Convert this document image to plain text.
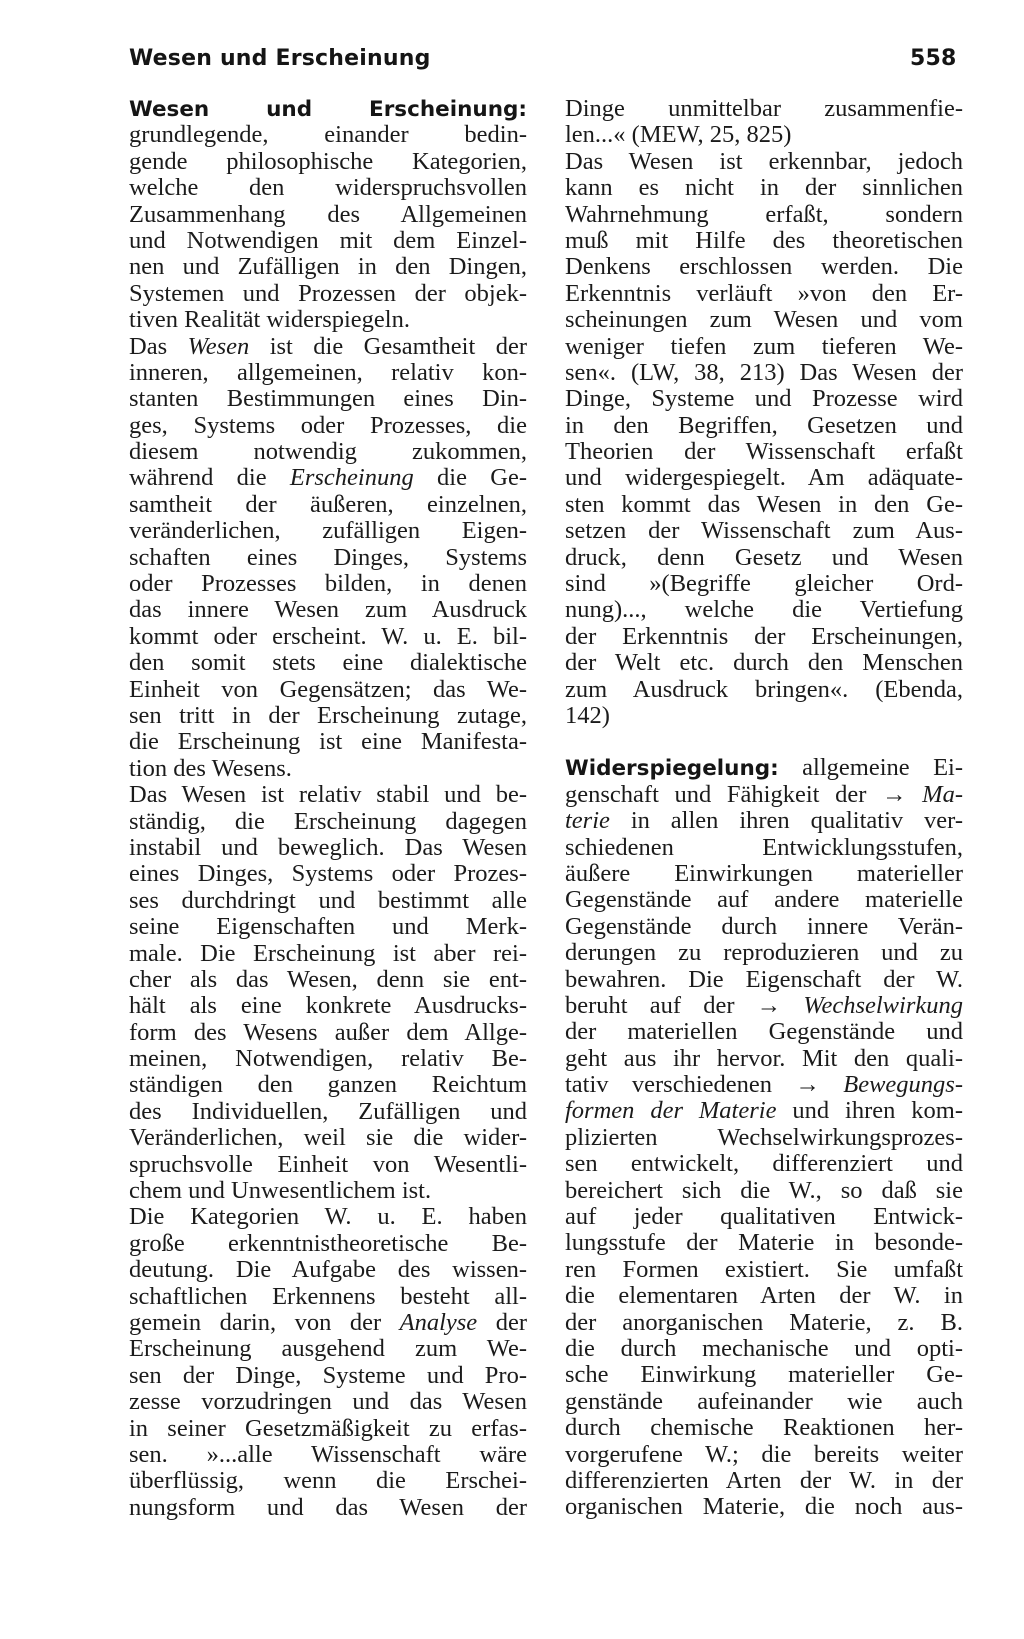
Wesen und Erscheinung	558
Wesen und Erscheinung:
grundlegende, einander bedin-
gende philosophische Kategorien,
welche den widerspruchsvollen
Zusammenhang des Allgemeinen
und Notwendigen mit dem Einzel-
nen und Zufälligen in den Dingen,
Systemen und Prozessen der objek-
tiven Realität widerspiegeln.
Das Wesen ist die Gesamtheit der
inneren, allgemeinen, relativ kon-
stanten Bestimmungen eines Din-
ges, Systems oder Prozesses, die
diesem notwendig zukommen,
während die Erscheinung die Ge-
samtheit der äußeren, einzelnen,
veränderlichen, zufälligen Eigen-
schaften eines Dinges, Systems
oder Prozesses bilden, in denen
das innere Wesen zum Ausdruck
kommt oder erscheint. W. u. E. bil-
den somit stets eine dialektische
Einheit von Gegensätzen; das We-
sen tritt in der Erscheinung zutage,
die Erscheinung ist eine Manifesta-
tion des Wesens.
Das Wesen ist relativ stabil und be-
ständig, die Erscheinung dagegen
instabil und beweglich. Das Wesen
eines Dinges, Systems oder Prozes-
ses durchdringt und bestimmt alle
seine Eigenschaften und Merk-
male. Die Erscheinung ist aber rei-
cher als das Wesen, denn sie ent-
hält als eine konkrete Ausdrucks-
form des Wesens außer dem Allge-
meinen, Notwendigen, relativ Be-
ständigen den ganzen Reichtum
des Individuellen, Zufälligen und
Veränderlichen, weil sie die wider-
spruchsvolle Einheit von Wesentli-
chem und Unwesentlichem ist.
Die Kategorien W. u. E. haben
große erkenntnistheoretische Be-
deutung. Die Aufgabe des wissen-
schaftlichen Erkennens besteht all-
gemein darin, von der Analyse der
Erscheinung ausgehend zum We-
sen der Dinge, Systeme und Pro-
zesse vorzudringen und das Wesen
in seiner Gesetzmäßigkeit zu erfas-
sen. »...alle Wissenschaft wäre
überflüssig, wenn die Erschei-
nungsform und das Wesen der
Dinge unmittelbar zusammenfie-
len...« (MEW, 25, 825)
Das Wesen ist erkennbar, jedoch
kann es nicht in der sinnlichen
Wahrnehmung erfaßt, sondern
muß mit Hilfe des theoretischen
Denkens erschlossen werden. Die
Erkenntnis verläuft »von den Er-
scheinungen zum Wesen und vom
weniger tiefen zum tieferen We-
sen«. (LW, 38, 213) Das Wesen der
Dinge, Systeme und Prozesse wird
in den Begriffen, Gesetzen und
Theorien der Wissenschaft erfaßt
und widergespiegelt. Am adäquate-
sten kommt das Wesen in den Ge-
setzen der Wissenschaft zum Aus-
druck, denn Gesetz und Wesen
sind »(Begriffe gleicher Ord-
nung)..., welche die Vertiefung
der Erkenntnis der Erscheinungen,
der Welt etc. durch den Menschen
zum Ausdruck bringen«. (Ebenda,
142)
Widerspiegelung: allgemeine Ei-
genschaft und Fähigkeit der → Ma-
terie in allen ihren qualitativ ver-
schiedenen Entwicklungsstufen,
äußere Einwirkungen materieller
Gegenstände auf andere materielle
Gegenstände durch innere Verän-
derungen zu reproduzieren und zu
bewahren. Die Eigenschaft der W.
beruht auf der → Wechselwirkung
der materiellen Gegenstände und
geht aus ihr hervor. Mit den quali-
tativ verschiedenen → Bewegungs-
formen der Materie und ihren kom-
plizierten Wechselwirkungsprozes-
sen entwickelt, differenziert und
bereichert sich die W., so daß sie
auf jeder qualitativen Entwick-
lungsstufe der Materie in besonde-
ren Formen existiert. Sie umfaßt
die elementaren Arten der W. in
der anorganischen Materie, z. B.
die durch mechanische und opti-
sche Einwirkung materieller Ge-
genstände aufeinander wie auch
durch chemische Reaktionen her-
vorgerufene W.; die bereits weiter
differenzierten Arten der W. in der
organischen Materie, die noch aus-
